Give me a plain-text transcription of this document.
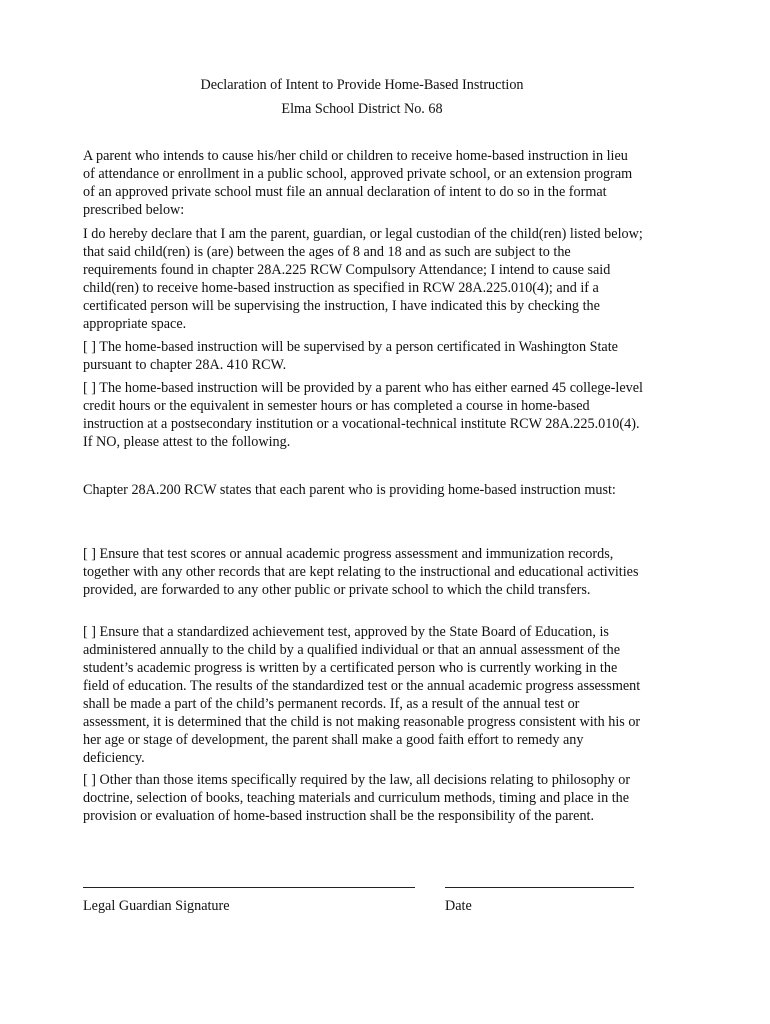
Declaration of Intent to Provide Home-Based Instruction
Elma School District No. 68

A parent who intends to cause his/her child or children to receive home-based instruction in lieu of attendance or enrollment in a public school, approved private school, or an extension program of an approved private school must file an annual declaration of intent to do so in the format prescribed below:

I do hereby declare that I am the parent, guardian, or legal custodian of the child(ren) listed below; that said child(ren) is (are) between the ages of 8 and 18 and as such are subject to the requirements found in chapter 28A.225 RCW Compulsory Attendance; I intend to cause said child(ren) to receive home-based instruction as specified in RCW 28A.225.010(4); and if a certificated person will be supervising the instruction, I have indicated this by checking the appropriate space.

[ ] The home-based instruction will be supervised by a person certificated in Washington State pursuant to chapter 28A. 410 RCW.

[ ] The home-based instruction will be provided by a parent who has either earned 45 college-level credit hours or the equivalent in semester hours or has completed a course in home-based instruction at a postsecondary institution or a vocational-technical institute RCW 28A.225.010(4). If NO, please attest to the following.

Chapter 28A.200 RCW states that each parent who is providing home-based instruction must:

[ ] Ensure that test scores or annual academic progress assessment and immunization records, together with any other records that are kept relating to the instructional and educational activities provided, are forwarded to any other public or private school to which the child transfers.

[ ] Ensure that a standardized achievement test, approved by the State Board of Education, is administered annually to the child by a qualified individual or that an annual assessment of the student’s academic progress is written by a certificated person who is currently working in the field of education. The results of the standardized test or the annual academic progress assessment shall be made a part of the child’s permanent records. If, as a result of the annual test or assessment, it is determined that the child is not making reasonable progress consistent with his or her age or stage of development, the parent shall make a good faith effort to remedy any deficiency.

[ ] Other than those items specifically required by the law, all decisions relating to philosophy or doctrine, selection of books, teaching materials and curriculum methods, timing and place in the provision or evaluation of home-based instruction shall be the responsibility of the parent.

Legal Guardian Signature	Date
